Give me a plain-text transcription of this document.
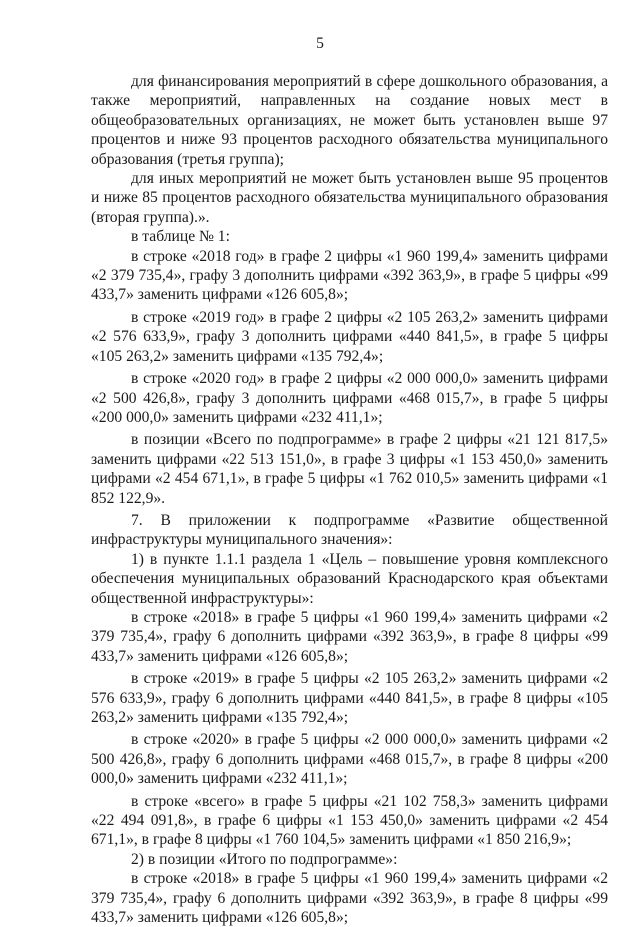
5

для финансирования мероприятий в сфере дошкольного образования, а также мероприятий, направленных на создание новых мест в общеобразовательных организациях, не может быть установлен выше 97 процентов и ниже 93 процентов расходного обязательства муниципального образования (третья группа);

для иных мероприятий не может быть установлен выше 95 процентов и ниже 85 процентов расходного обязательства муниципального образования (вторая группа).».

в таблице № 1:

в строке «2018 год» в графе 2 цифры «1 960 199,4» заменить цифрами «2 379 735,4», графу 3 дополнить цифрами «392 363,9», в графе 5 цифры «99 433,7» заменить цифрами «126 605,8»;

в строке «2019 год» в графе 2 цифры «2 105 263,2» заменить цифрами «2 576 633,9», графу 3 дополнить цифрами «440 841,5», в графе 5 цифры «105 263,2» заменить цифрами «135 792,4»;

в строке «2020 год» в графе 2 цифры «2 000 000,0» заменить цифрами «2 500 426,8», графу 3 дополнить цифрами «468 015,7», в графе 5 цифры «200 000,0» заменить цифрами «232 411,1»;

в позиции «Всего по подпрограмме» в графе 2 цифры «21 121 817,5» заменить цифрами «22 513 151,0», в графе 3 цифры «1 153 450,0» заменить цифрами «2 454 671,1», в графе 5 цифры «1 762 010,5» заменить цифрами «1 852 122,9».

7. В приложении к подпрограмме «Развитие общественной инфраструктуры муниципального значения»:

1) в пункте 1.1.1 раздела 1 «Цель – повышение уровня комплексного обеспечения муниципальных образований Краснодарского края объектами общественной инфраструктуры»:

в строке «2018» в графе 5 цифры «1 960 199,4» заменить цифрами «2 379 735,4», графу 6 дополнить цифрами «392 363,9», в графе 8 цифры «99 433,7» заменить цифрами «126 605,8»;

в строке «2019» в графе 5 цифры «2 105 263,2» заменить цифрами «2 576 633,9», графу 6 дополнить цифрами «440 841,5», в графе 8 цифры «105 263,2» заменить цифрами «135 792,4»;

в строке «2020» в графе 5 цифры «2 000 000,0» заменить цифрами «2 500 426,8», графу 6 дополнить цифрами «468 015,7», в графе 8 цифры «200 000,0» заменить цифрами «232 411,1»;

в строке «всего» в графе 5 цифры «21 102 758,3» заменить цифрами «22 494 091,8», в графе 6 цифры «1 153 450,0» заменить цифрами «2 454 671,1», в графе 8 цифры «1 760 104,5» заменить цифрами «1 850 216,9»;

2) в позиции «Итого по подпрограмме»:

в строке «2018» в графе 5 цифры «1 960 199,4» заменить цифрами «2 379 735,4», графу 6 дополнить цифрами «392 363,9», в графе 8 цифры «99 433,7» заменить цифрами «126 605,8»;
